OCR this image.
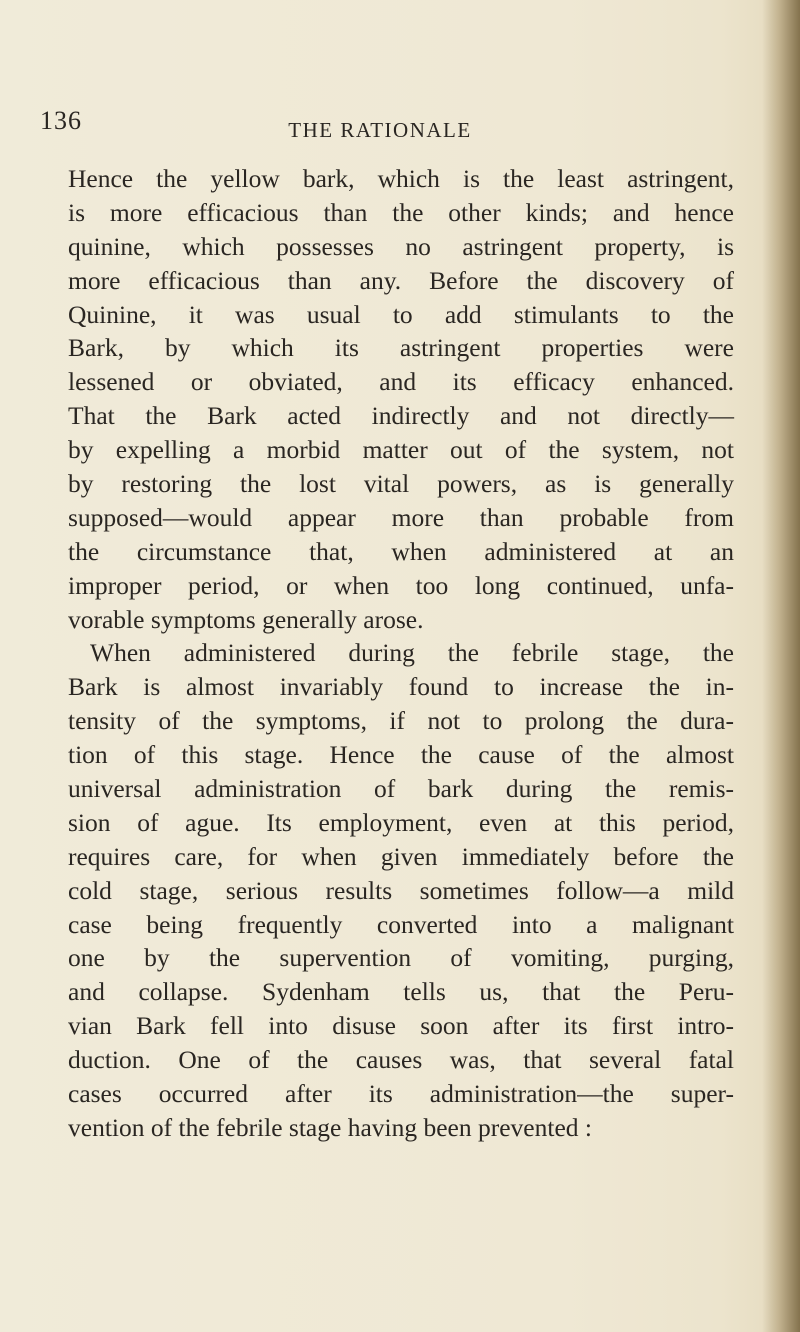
136	THE RATIONALE
Hence the yellow bark, which is the least astringent,
is more efficacious than the other kinds; and hence
quinine, which possesses no astringent property, is
more efficacious than any. Before the discovery of
Quinine, it was usual to add stimulants to the
Bark, by which its astringent properties were
lessened or obviated, and its efficacy enhanced.
That the Bark acted indirectly and not directly—
by expelling a morbid matter out of the system, not
by restoring the lost vital powers, as is generally
supposed—would appear more than probable from
the circumstance that, when administered at an
improper period, or when too long continued, unfa-
vorable symptoms generally arose.
When administered during the febrile stage, the
Bark is almost invariably found to increase the in-
tensity of the symptoms, if not to prolong the dura-
tion of this stage. Hence the cause of the almost
universal administration of bark during the remis-
sion of ague. Its employment, even at this period,
requires care, for when given immediately before the
cold stage, serious results sometimes follow—a mild
case being frequently converted into a malignant
one by the supervention of vomiting, purging,
and collapse. Sydenham tells us, that the Peru-
vian Bark fell into disuse soon after its first intro-
duction. One of the causes was, that several fatal
cases occurred after its administration—the super-
vention of the febrile stage having been prevented :
